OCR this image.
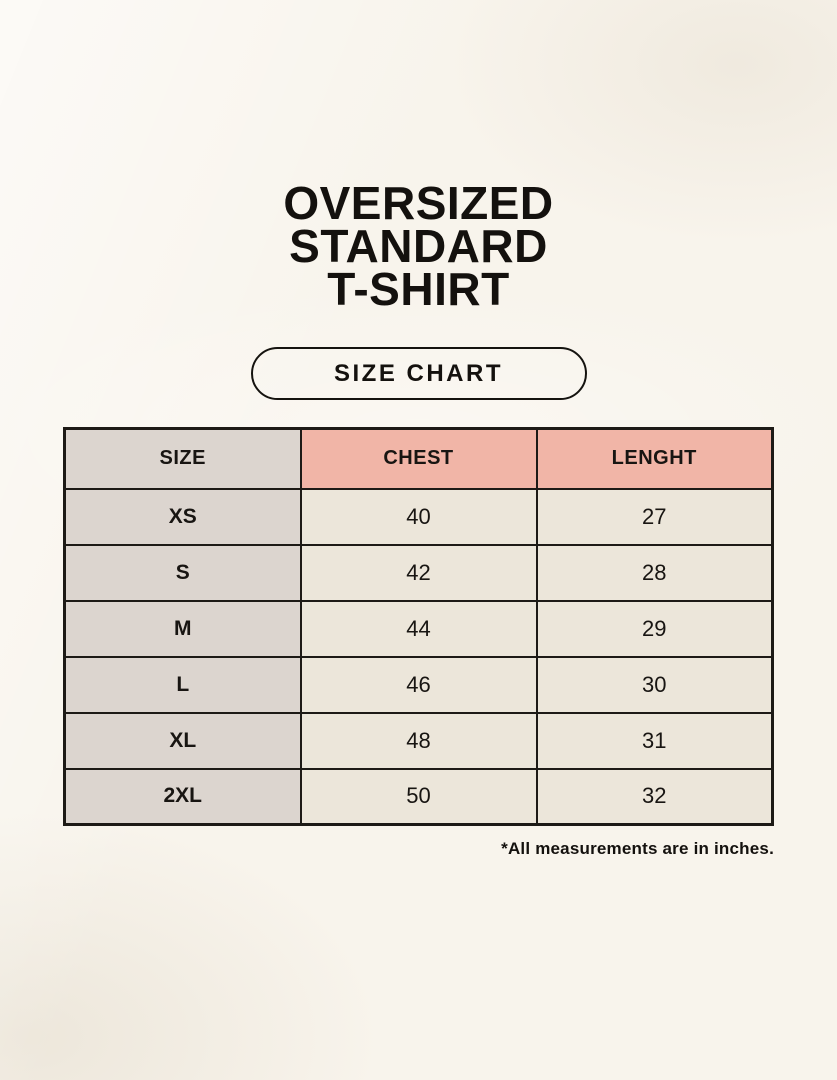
OVERSIZED
STANDARD
T-SHIRT
SIZE CHART
SIZE	CHEST	LENGHT
XS	40	27
S	42	28
M	44	29
L	46	30
XL	48	31
2XL	50	32
*All measurements are in inches.
